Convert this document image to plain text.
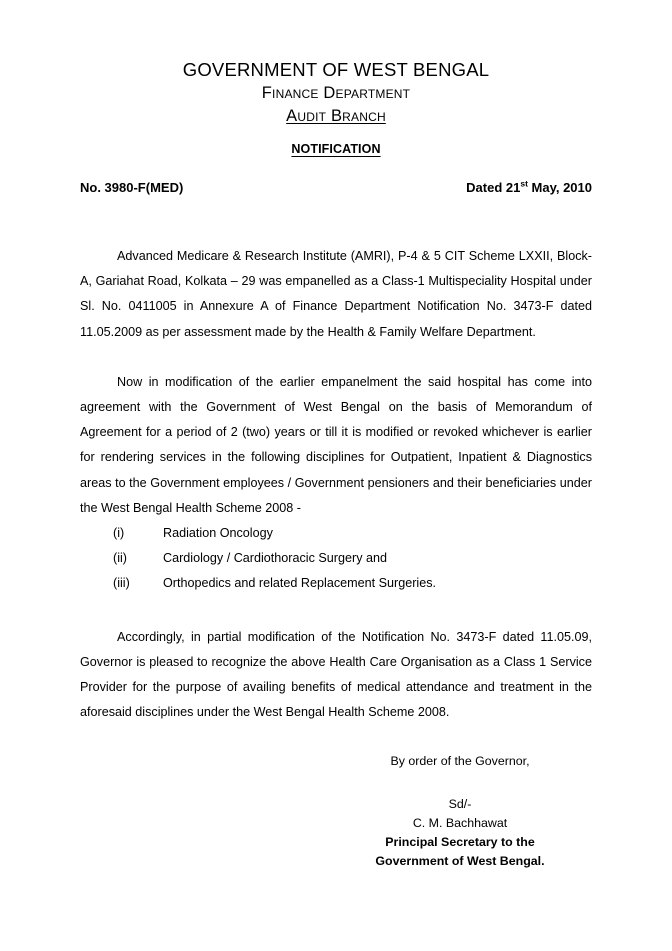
GOVERNMENT OF WEST BENGAL
Finance Department
Audit Branch
NOTIFICATION
No. 3980-F(MED)	Dated 21st May, 2010

Advanced Medicare & Research Institute (AMRI), P-4 & 5 CIT Scheme LXXII, Block-A, Gariahat Road, Kolkata – 29 was empanelled as a Class-1 Multispeciality Hospital under Sl. No. 0411005 in Annexure A of Finance Department Notification No. 3473-F dated 11.05.2009 as per assessment made by the Health & Family Welfare Department.

Now in modification of the earlier empanelment the said hospital has come into agreement with the Government of West Bengal on the basis of Memorandum of Agreement for a period of 2 (two) years or till it is modified or revoked whichever is earlier for rendering services in the following disciplines for Outpatient, Inpatient & Diagnostics areas to the Government employees / Government pensioners and their beneficiaries under the West Bengal Health Scheme 2008 -

(i)	Radiation Oncology
(ii)	Cardiology / Cardiothoracic Surgery and
(iii)	Orthopedics and related Replacement Surgeries.

Accordingly, in partial modification of the Notification No. 3473-F dated 11.05.09, Governor is pleased to recognize the above Health Care Organisation as a Class 1 Service Provider for the purpose of availing benefits of medical attendance and treatment in the aforesaid disciplines under the West Bengal Health Scheme 2008.

By order of the Governor,
Sd/-
C. M. Bachhawat
Principal Secretary to the
Government of West Bengal.
